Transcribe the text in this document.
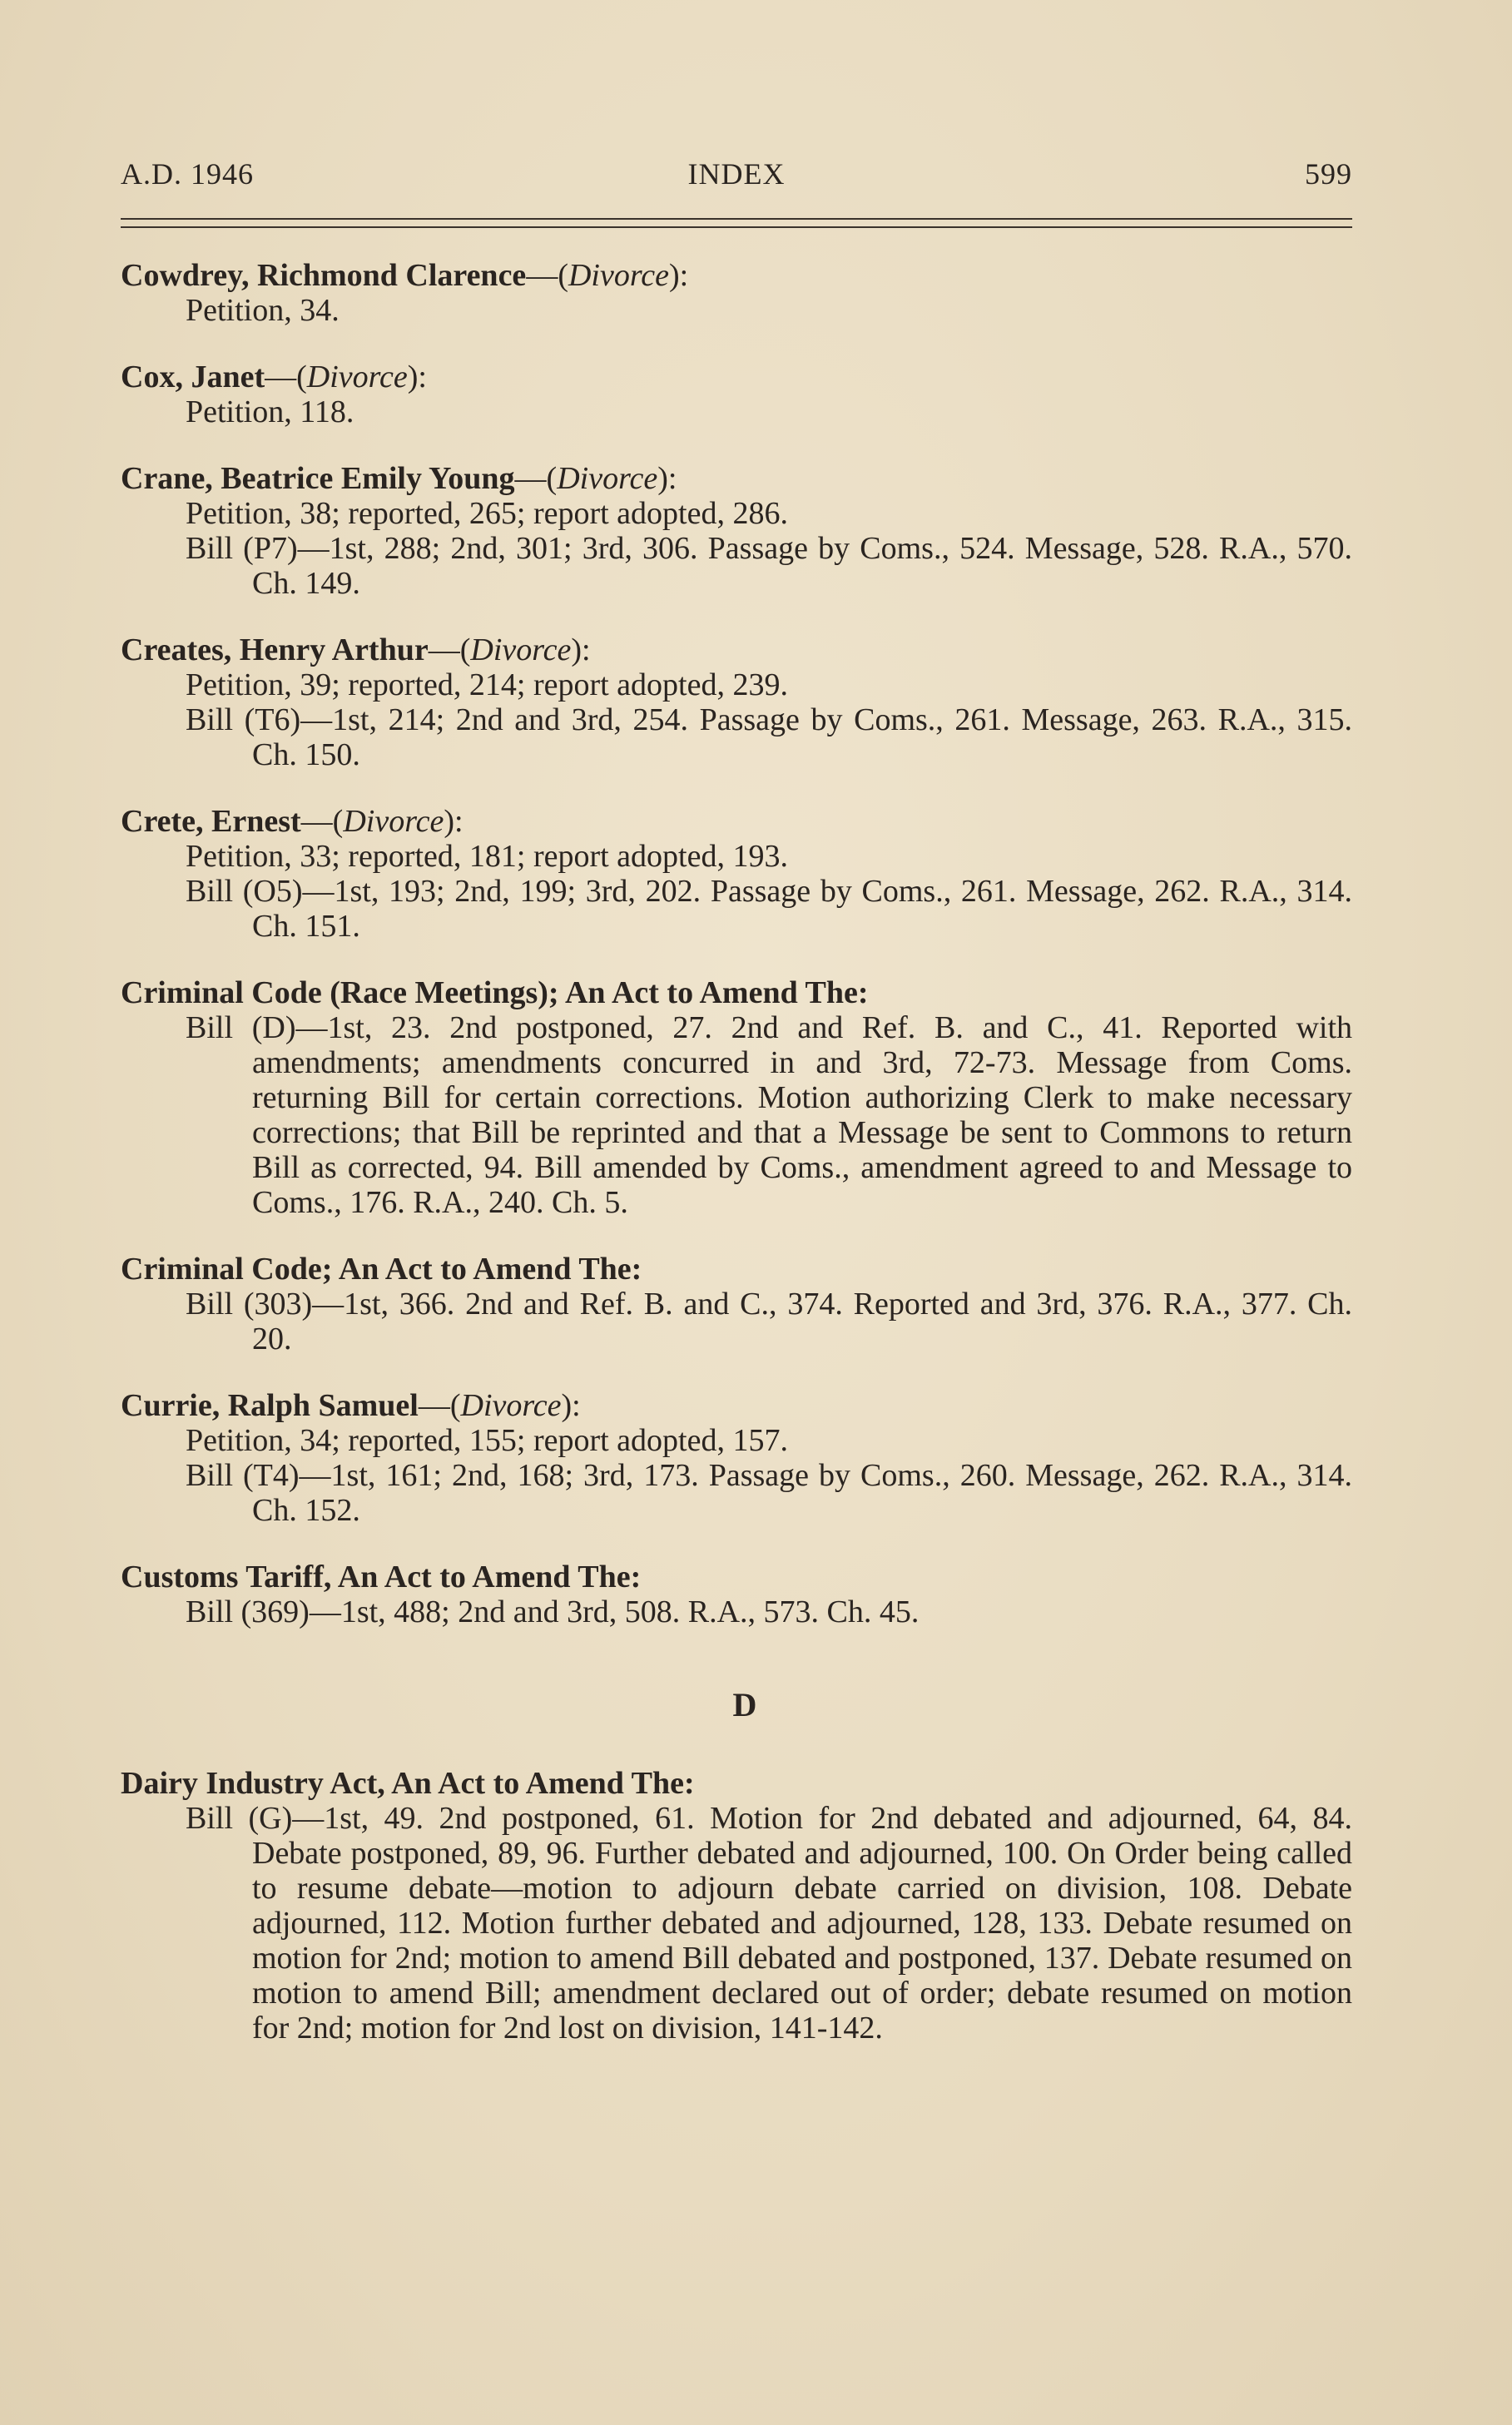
INDEX
A.D. 1946	599
Cowdrey, Richmond Clarence—(Divorce):
Petition, 34.
Cox, Janet—(Divorce):
Petition, 118.
Crane, Beatrice Emily Young—(Divorce):
Petition, 38; reported, 265; report adopted, 286.
Bill (P7)—1st, 288; 2nd, 301; 3rd, 306. Passage by Coms., 524. Message, 528. R.A., 570. Ch. 149.
Creates, Henry Arthur—(Divorce):
Petition, 39; reported, 214; report adopted, 239.
Bill (T6)—1st, 214; 2nd and 3rd, 254. Passage by Coms., 261. Message, 263. R.A., 315. Ch. 150.
Crete, Ernest—(Divorce):
Petition, 33; reported, 181; report adopted, 193.
Bill (O5)—1st, 193; 2nd, 199; 3rd, 202. Passage by Coms., 261. Message, 262. R.A., 314. Ch. 151.
Criminal Code (Race Meetings); An Act to Amend The:
Bill (D)—1st, 23. 2nd postponed, 27. 2nd and Ref. B. and C., 41. Reported with amendments; amendments concurred in and 3rd, 72-73. Message from Coms. returning Bill for certain corrections. Motion authorizing Clerk to make necessary corrections; that Bill be reprinted and that a Message be sent to Commons to return Bill as corrected, 94. Bill amended by Coms., amendment agreed to and Message to Coms., 176. R.A., 240. Ch. 5.
Criminal Code; An Act to Amend The:
Bill (303)—1st, 366. 2nd and Ref. B. and C., 374. Reported and 3rd, 376. R.A., 377. Ch. 20.
Currie, Ralph Samuel—(Divorce):
Petition, 34; reported, 155; report adopted, 157.
Bill (T4)—1st, 161; 2nd, 168; 3rd, 173. Passage by Coms., 260. Message, 262. R.A., 314. Ch. 152.
Customs Tariff, An Act to Amend The:
Bill (369)—1st, 488; 2nd and 3rd, 508. R.A., 573. Ch. 45.
D
Dairy Industry Act, An Act to Amend The:
Bill (G)—1st, 49. 2nd postponed, 61. Motion for 2nd debated and adjourned, 64, 84. Debate postponed, 89, 96. Further debated and adjourned, 100. On Order being called to resume debate—motion to adjourn debate carried on division, 108. Debate adjourned, 112. Motion further debated and adjourned, 128, 133. Debate resumed on motion for 2nd; motion to amend Bill debated and postponed, 137. Debate resumed on motion to amend Bill; amendment declared out of order; debate resumed on motion for 2nd; motion for 2nd lost on division, 141-142.
